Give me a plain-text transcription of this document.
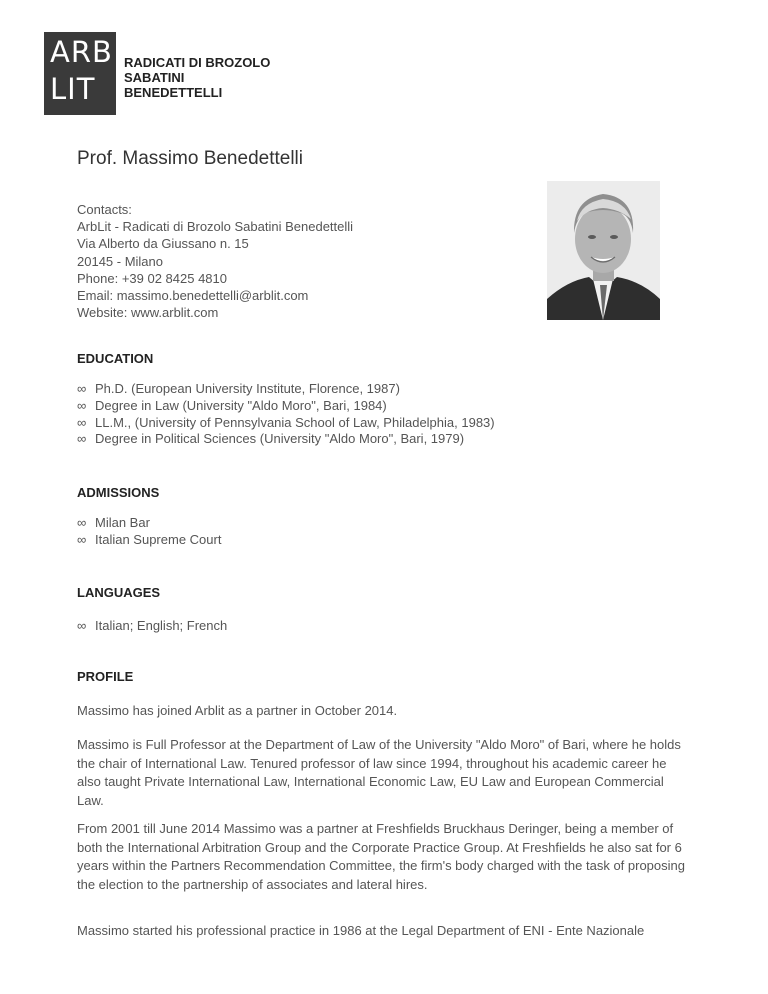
ARB
LIT
RADICATI DI BROZOLO
SABATINI
BENEDETTELLI
Prof. Massimo Benedettelli
Contacts:
ArbLit - Radicati di Brozolo Sabatini Benedettelli
Via Alberto da Giussano n. 15
20145 - Milano
Phone: +39 02 8425 4810
Email: massimo.benedettelli@arblit.com
Website: www.arblit.com
EDUCATION
∞ Ph.D. (European University Institute, Florence, 1987)
∞ Degree in Law (University "Aldo Moro", Bari, 1984)
∞ LL.M., (University of Pennsylvania School of Law, Philadelphia, 1983)
∞ Degree in Political Sciences (University "Aldo Moro", Bari, 1979)
ADMISSIONS
∞ Milan Bar
∞ Italian Supreme Court
LANGUAGES
∞ Italian; English; French
PROFILE

Massimo has joined Arblit as a partner in October 2014.

Massimo is Full Professor at the Department of Law of the University "Aldo Moro" of Bari, where he holds the chair of International Law. Tenured professor of law since 1994, throughout his academic career he also taught Private International Law, International Economic Law, EU Law and European Commercial Law.

From 2001 till June 2014 Massimo was a partner at Freshfields Bruckhaus Deringer, being a member of both the International Arbitration Group and the Corporate Practice Group. At Freshfields he also sat for 6 years within the Partners Recommendation Committee, the firm's body charged with the task of proposing the election to the partnership of associates and lateral hires.

Massimo started his professional practice in 1986 at the Legal Department of ENI - Ente Nazionale
